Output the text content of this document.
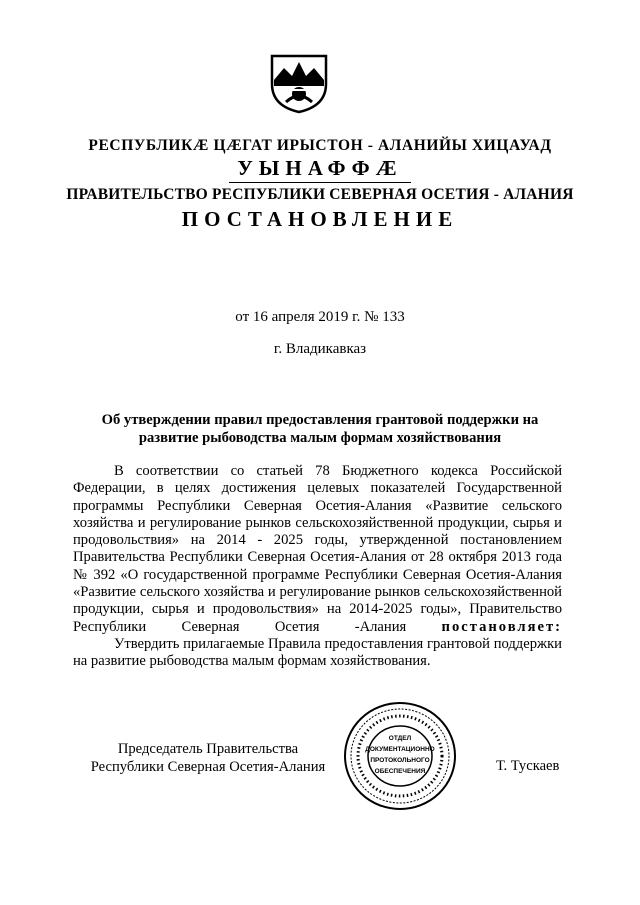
РЕСПУБЛИКӔ ЦӔГАТ ИРЫСТОН - АЛАНИЙЫ ХИЦАУАД
УЫНАФФӔ
ПРАВИТЕЛЬСТВО РЕСПУБЛИКИ СЕВЕРНАЯ ОСЕТИЯ - АЛАНИЯ
ПОСТАНОВЛЕНИЕ
от 16 апреля 2019 г. № 133
г. Владикавказ
Об утверждении правил предоставления грантовой поддержки на
развитие рыбоводства малым формам хозяйствования

В соответствии со статьей 78 Бюджетного кодекса Российской Федерации, в целях достижения целевых показателей Государственной программы Республики Северная Осетия-Алания «Развитие сельского хозяйства и регулирование рынков сельскохозяйственной продукции, сырья и продовольствия» на 2014 - 2025 годы, утвержденной постановлением Правительства Республики Северная Осетия-Алания от 28 октября 2013 года № 392 «О государственной программе Республики Северная Осетия-Алания «Развитие сельского хозяйства и регулирование рынков сельскохозяйственной продукции, сырья и продовольствия» на 2014-2025 годы», Правительство Республики Северная Осетия -Алания постановляет:

Утвердить прилагаемые Правила предоставления грантовой поддержки на развитие рыбоводства малым формам хозяйствования.

Председатель Правительства
Республики Северная Осетия-Алания	Т. Тускаев
ОТДЕЛ
ДОКУМЕНТАЦИОННО
ПРОТОКОЛЬНОГО
ОБЕСПЕЧЕНИЯ
